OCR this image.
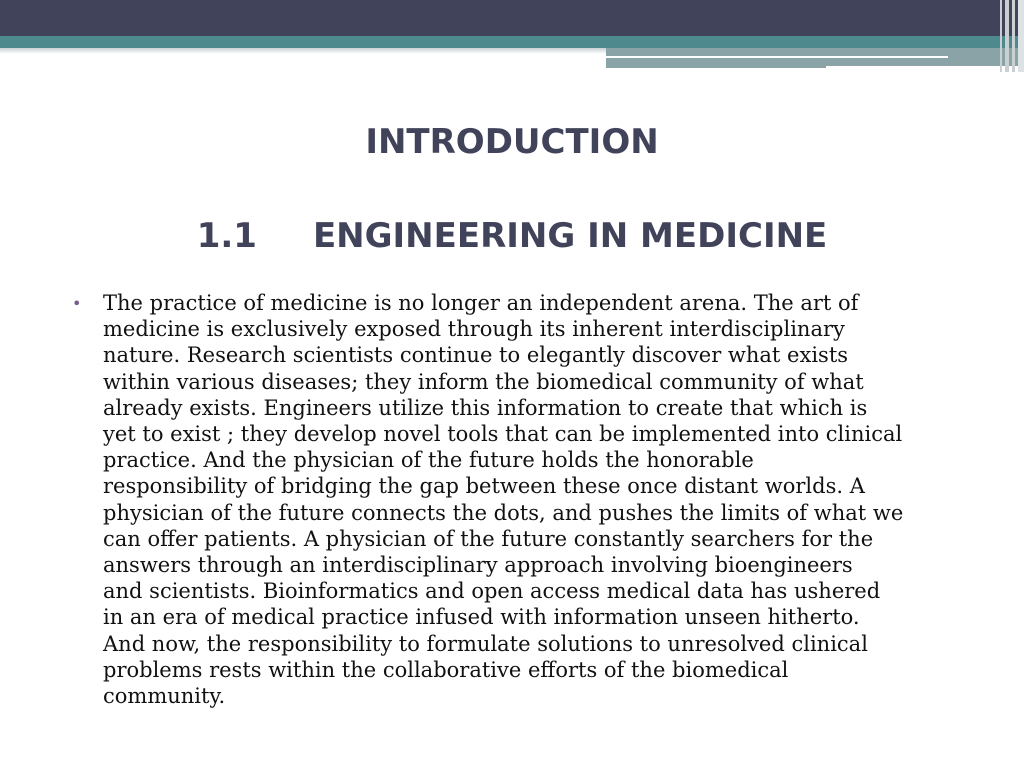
INTRODUCTION
1.1 ENGINEERING IN MEDICINE
• The practice of medicine is no longer an independent arena. The art of
medicine is exclusively exposed through its inherent interdisciplinary
nature. Research scientists continue to elegantly discover what exists
within various diseases; they inform the biomedical community of what
already exists. Engineers utilize this information to create that which is
yet to exist ; they develop novel tools that can be implemented into clinical
practice. And the physician of the future holds the honorable
responsibility of bridging the gap between these once distant worlds. A
physician of the future connects the dots, and pushes the limits of what we
can offer patients. A physician of the future constantly searchers for the
answers through an interdisciplinary approach involving bioengineers
and scientists. Bioinformatics and open access medical data has ushered
in an era of medical practice infused with information unseen hitherto.
And now, the responsibility to formulate solutions to unresolved clinical
problems rests within the collaborative efforts of the biomedical
community.
